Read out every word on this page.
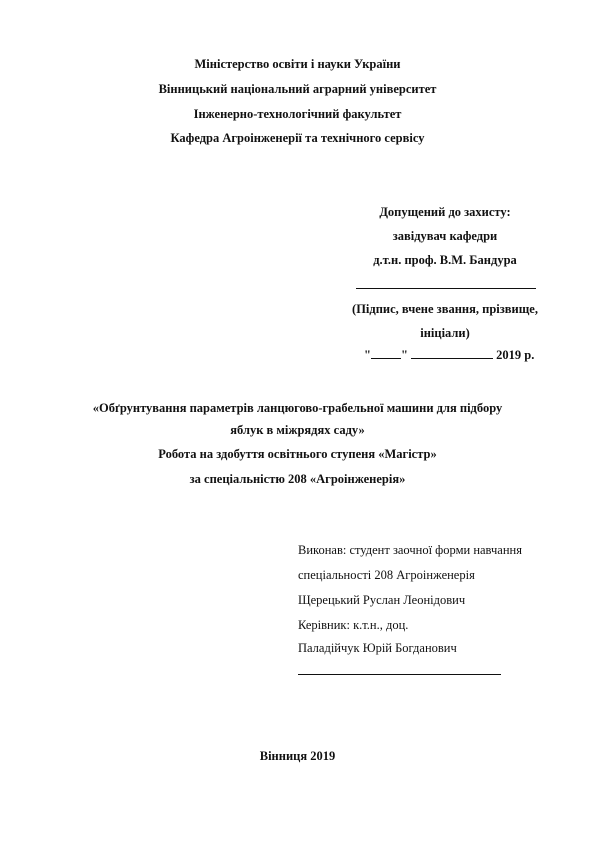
Міністерство освіти і науки України
Вінницький національний аграрний університет
Інженерно-технологічний факультет
Кафедра Агроінженерії та технічного сервісу
Допущений до захисту:
завідувач кафедри
д.т.н. проф. В.М. Бандура
(Підпис, вчене звання, прізвище,
ініціали)
" "	2019 р.
«Обґрунтування параметрів ланцюгово-грабельної машини для підбору
яблук в міжрядях саду»
Робота на здобуття освітнього ступеня «Магістр»
за спеціальністю 208 «Агроінженерія»
Виконав: студент заочної форми навчання
спеціальності 208 Агроінженерія
Щерецький Руслан Леонідович
Керівник: к.т.н., доц.
Паладійчук Юрій Богданович
Вінниця 2019
